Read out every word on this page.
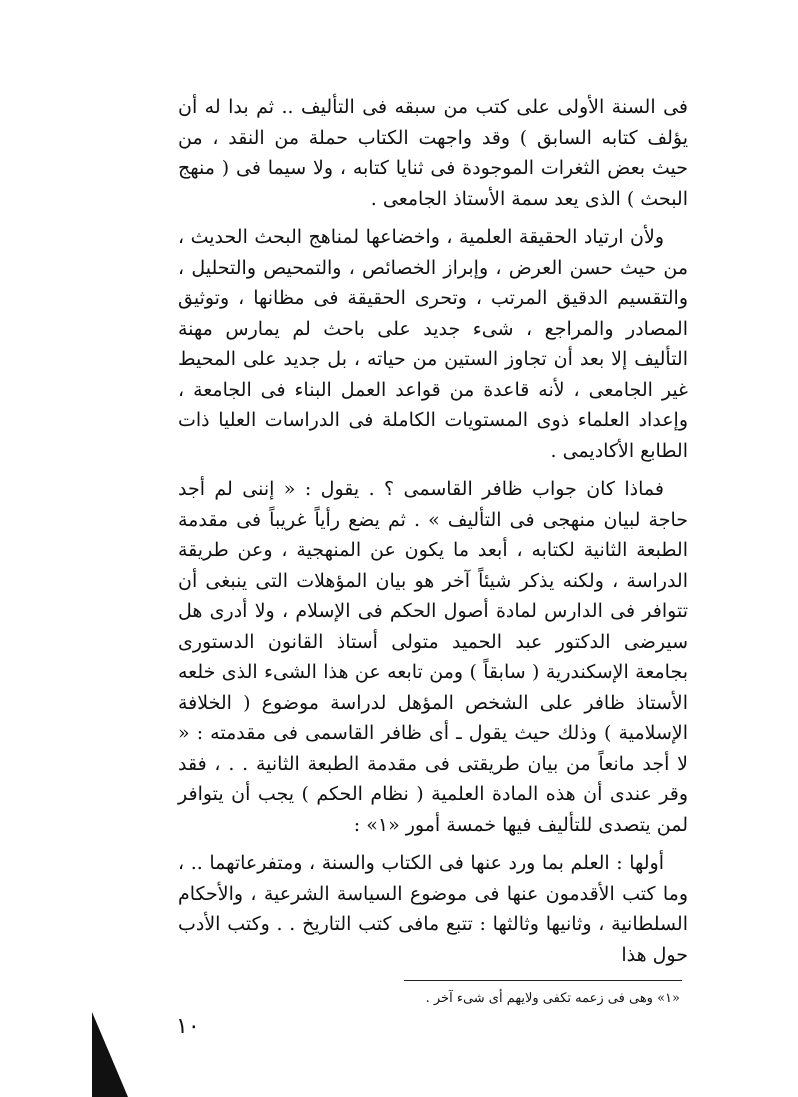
فى السنة الأولى على كتب من سبقه فى التأليف .. ثم بدا له أن يؤلف كتابه السابق ) وقد واجهت الكتاب حملة من النقد ، من حيث بعض الثغرات الموجودة فى ثنايا كتابه ، ولا سيما فى ( منهج البحث ) الذى يعد سمة الأستاذ الجامعى .

ولأن ارتياد الحقيقة العلمية ، واخضاعها لمناهج البحث الحديث ، من حيث حسن العرض ، وإبراز الخصائص ، والتمحيص والتحليل ، والتقسيم الدقيق المرتب ، وتحرى الحقيقة فى مظانها ، وتوثيق المصادر والمراجع ، شىء جديد على باحث لم يمارس مهنة التأليف إلا بعد أن تجاوز الستين من حياته ، بل جديد على المحيط غير الجامعى ، لأنه قاعدة من قواعد العمل البناء فى الجامعة ، وإعداد العلماء ذوى المستويات الكاملة فى الدراسات العليا ذات الطابع الأكاديمى .

فماذا كان جواب ظافر القاسمى ؟ . يقول : « إننى لم أجد حاجة لبيان منهجى فى التأليف » . ثم يضع رأياً غريباً فى مقدمة الطبعة الثانية لكتابه ، أبعد ما يكون عن المنهجية ، وعن طريقة الدراسة ، ولكنه يذكر شيئاً آخر هو بيان المؤهلات التى ينبغى أن تتوافر فى الدارس لمادة أصول الحكم فى الإسلام ، ولا أدرى هل سيرضى الدكتور عبد الحميد متولى أستاذ القانون الدستورى بجامعة الإسكندرية ( سابقاً ) ومن تابعه عن هذا الشىء الذى خلعه الأستاذ ظافر على الشخص المؤهل لدراسة موضوع ( الخلافة الإسلامية ) وذلك حيث يقول ـ أى ظافر القاسمى فى مقدمته : « لا أجد مانعاً من بيان طريقتى فى مقدمة الطبعة الثانية . . ، فقد وقر عندى أن هذه المادة العلمية ( نظام الحكم ) يجب أن يتوافر لمن يتصدى للتأليف فيها خمسة أمور «١» :

أولها : العلم بما ورد عنها فى الكتاب والسنة ، ومتفرعاتهما .. ، وما كتب الأقدمون عنها فى موضوع السياسة الشرعية ، والأحكام السلطانية ، وثانيها وثالثها : تتبع مافى كتب التاريخ . . وكتب الأدب حول هذا

«١» وهى فى زعمه تكفى ولايهم أى شىء آخر .
١٠
